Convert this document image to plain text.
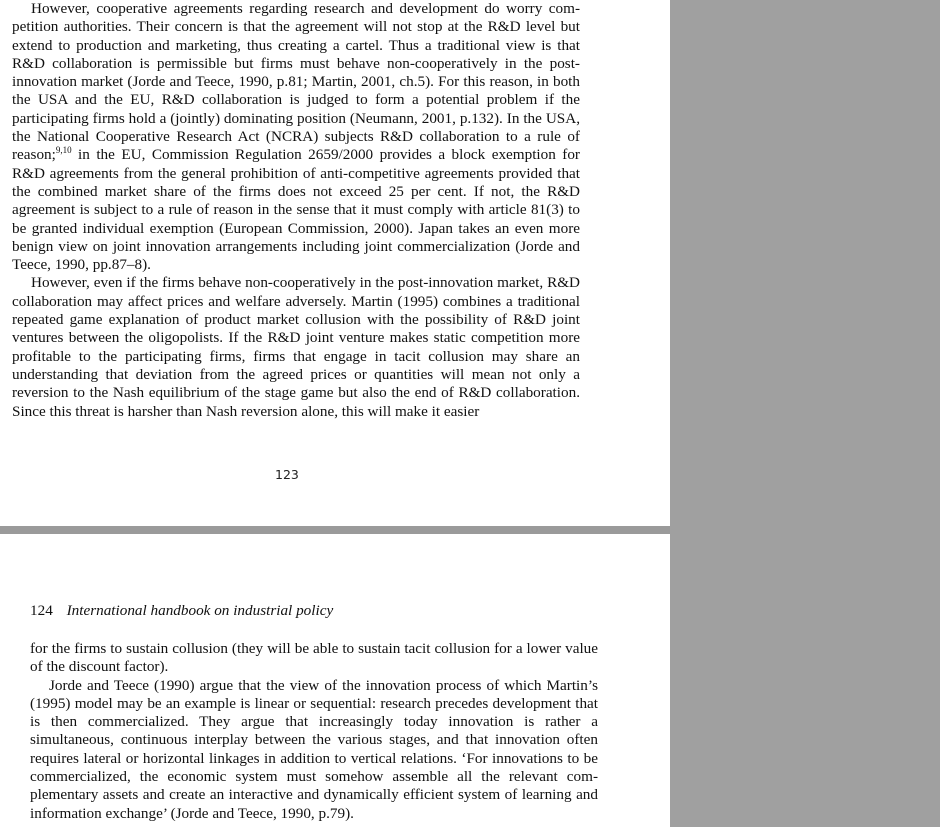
However, cooperative agreements regarding research and development do worry competition authorities. Their concern is that the agreement will not stop at the R&D level but extend to production and marketing, thus creating a cartel. Thus a traditional view is that R&D collaboration is permissible but firms must behave non-cooperatively in the post-innovation market (Jorde and Teece, 1990, p.81; Martin, 2001, ch.5). For this reason, in both the USA and the EU, R&D collaboration is judged to form a potential problem if the participating firms hold a (jointly) dominating position (Neumann, 2001, p.132). In the USA, the National Cooperative Research Act (NCRA) subjects R&D collaboration to a rule of reason;$^{9,10}$ in the EU, Commission Regulation 2659/2000 provides a block exemption for R&D agreements from the general prohibition of anti-competitive agreements provided that the combined market share of the firms does not exceed 25 per cent. If not, the R&D agreement is subject to a rule of reason in the sense that it must comply with article 81(3) to be granted individual exemption (European Commission, 2000). Japan takes an even more benign view on joint innovation arrangements including joint commercialization (Jorde and Teece, 1990, pp.87–8).

However, even if the firms behave non-cooperatively in the post-innovation market, R&D collaboration may affect prices and welfare adversely. Martin (1995) combines a traditional repeated game explanation of product market collusion with the possibility of R&D joint ventures between the oligopolists. If the R&D joint venture makes static competition more profitable to the participating firms, firms that engage in tacit collusion may share an understanding that deviation from the agreed prices or quantities will mean not only a reversion to the Nash equilibrium of the stage game but also the end of R&D collaboration. Since this threat is harsher than Nash reversion alone, this will make it easier

123
124 International handbook on industrial policy

for the firms to sustain collusion (they will be able to sustain tacit collusion for a lower value of the discount factor).

Jorde and Teece (1990) argue that the view of the innovation process of which Martin’s (1995) model may be an example is linear or sequential: research precedes development that is then commercialized. They argue that increasingly today innovation is rather a simultaneous, continuous interplay between the various stages, and that innovation often requires lateral or horizontal linkages in addition to vertical relations. ‘For innovations to be commercialized, the economic system must somehow assemble all the relevant complementary assets and create an interactive and dynamically efficient system of learning and information exchange’ (Jorde and Teece, 1990, p.79).
